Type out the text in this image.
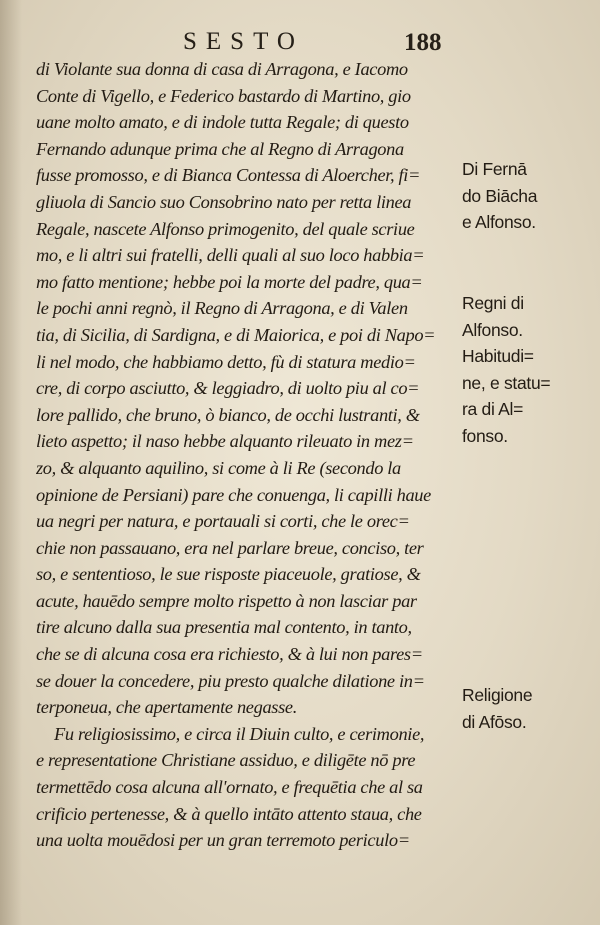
SESTO	188
di Violante sua donna di casa di Arragona, e Iacomo
Conte di Vigello, e Federico bastardo di Martino, gio
uane molto amato, e di indole tutta Regale; di questo
Fernando adunque prima che al Regno di Arragona
fusse promosso, e di Bianca Contessa di Aloercher, fi=
gliuola di Sancio suo Consobrino nato per retta linea
Regale, nascete Alfonso primogenito, del quale scriue
mo, e li altri sui fratelli, delli quali al suo loco habbia=
mo fatto mentione; hebbe poi la morte del padre, qua=
le pochi anni regnò, il Regno di Arragona, e di Valen
tia, di Sicilia, di Sardigna, e di Maiorica, e poi di Napo=
li nel modo, che habbiamo detto, fù di statura medio=
cre, di corpo asciutto, & leggiadro, di uolto piu al co=
lore pallido, che bruno, ò bianco, de occhi lustranti, &
lieto aspetto; il naso hebbe alquanto rileuato in mez=
zo, & alquanto aquilino, si come à li Re (secondo la
opinione de Persiani) pare che conuenga, li capilli haue
ua negri per natura, e portauali si corti, che le orec=
chie non passauano, era nel parlare breue, conciso, ter
so, e sententioso, le sue risposte piaceuole, gratiose, &
acute, hauēdo sempre molto rispetto à non lasciar par
tire alcuno dalla sua presentia mal contento, in tanto,
che se di alcuna cosa era richiesto, & à lui non pares=
se douer la concedere, piu presto qualche dilatione in=
terponeua, che apertamente negasse.
Fu religiosissimo, e circa il Diuin culto, e cerimonie,
e representatione Christiane assiduo, e diligēte nō pre
termettēdo cosa alcuna all'ornato, e frequētia che al sa
crificio pertenesse, & à quello intāto attento staua, che
una uolta mouēdosi per un gran terremoto periculo=
Di Fernā
do Biācha
e Alfonso.
Regni di
Alfonso.
Habitudi=
ne, e statu=
ra di Al=
fonso.
Religione
di Afōso.
